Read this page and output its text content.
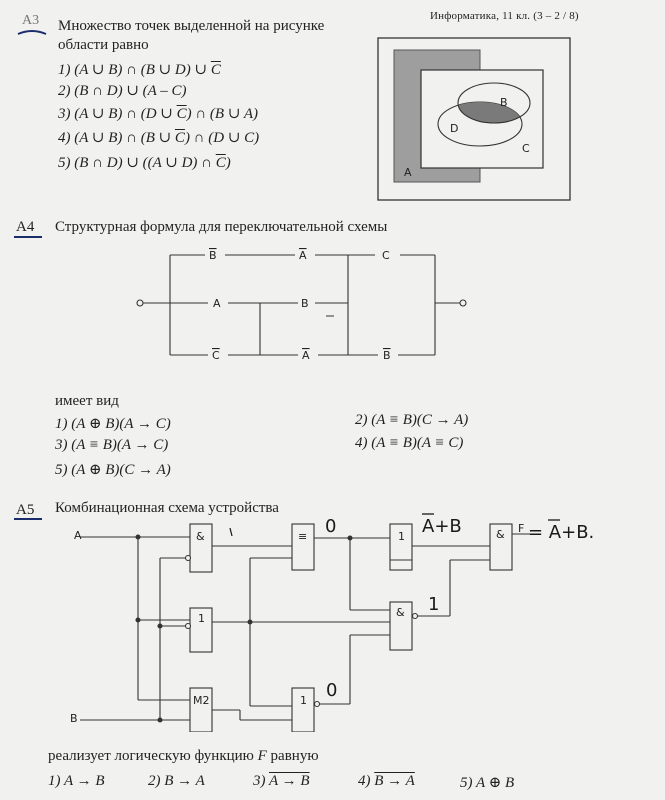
Информатика, 11 кл. (3 – 2 / 8)
А3 Множество точек выделенной на рисунке
области равно
1) (A ∪ B) ∩ (B ∪ D) ∪ $\overline{C}$
2) (B ∩ D) ∪ (A – C)
3) (A ∪ B) ∩ (D ∪ $\overline{C}$) ∩ (B ∪ A)
4) (A ∪ B) ∩ (B ∪ $\overline{C}$) ∩ (D ∪ C)
5) (B ∩ D) ∪ ((A ∪ D) ∩ $\overline{C}$)
A
B
C
D
А4 Структурная формула для переключательной схемы
B	A	C
A	B
C	A	B
имеет вид
1) (A ⊕ B)(A → C)	2) (A ≡ B)(C → A)
3) (A ≡ B)(A → C)	4) (A ≡ B)(A ≡ C)
5) (A ⊕ B)(C → A)
А5 Комбинационная схема устройства
A
B
&
1
M2
≡	1
&
1
& F
0	A+B
1
0
= A+B.
реализует логическую функцию F равную
1) A → B	2) B → A	3) A → B	4) B → A	5) A ⊕ B
